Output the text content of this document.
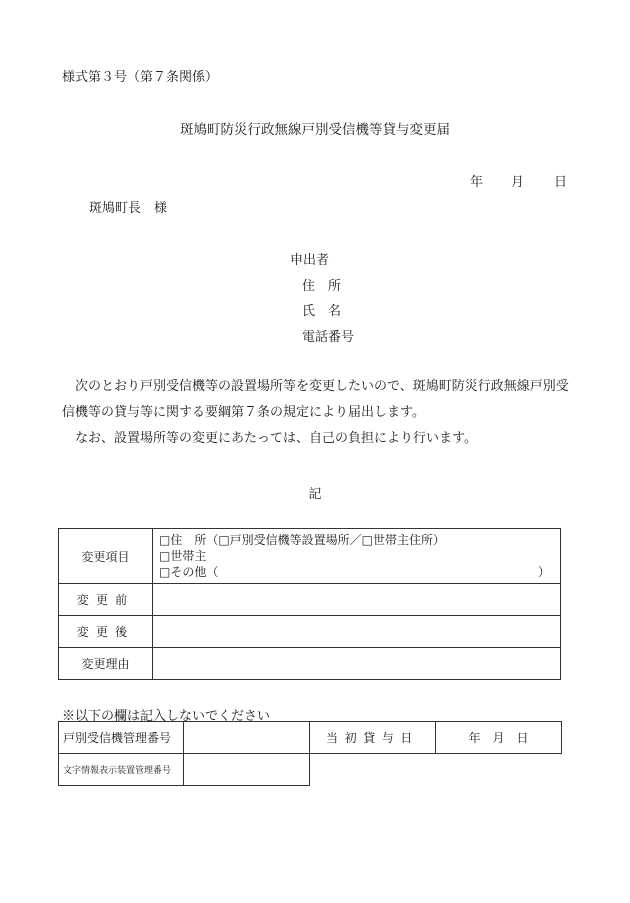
様式第３号（第７条関係）
斑鳩町防災行政無線戸別受信機等貸与変更届
年 月 日
斑鳩町長　様
申出者
住　所
氏　名
電話番号

次のとおり戸別受信機等の設置場所等を変更したいので、斑鳩町防災行政無線戸別受信機等の貸与等に関する要綱第７条の規定により届出します。

なお、設置場所等の変更にあたっては、自己の負担により行います。

記
変更項目	□住　所（□戸別受信機等設置場所／□世帯主住所）
□世帯主
□その他（ ）

変更前	
変更後	
変更理由	
※以下の欄は記入しないでください
戸別受信機管理番号		当初貸与日	年　月　日
文字情報表示装置管理番号			
